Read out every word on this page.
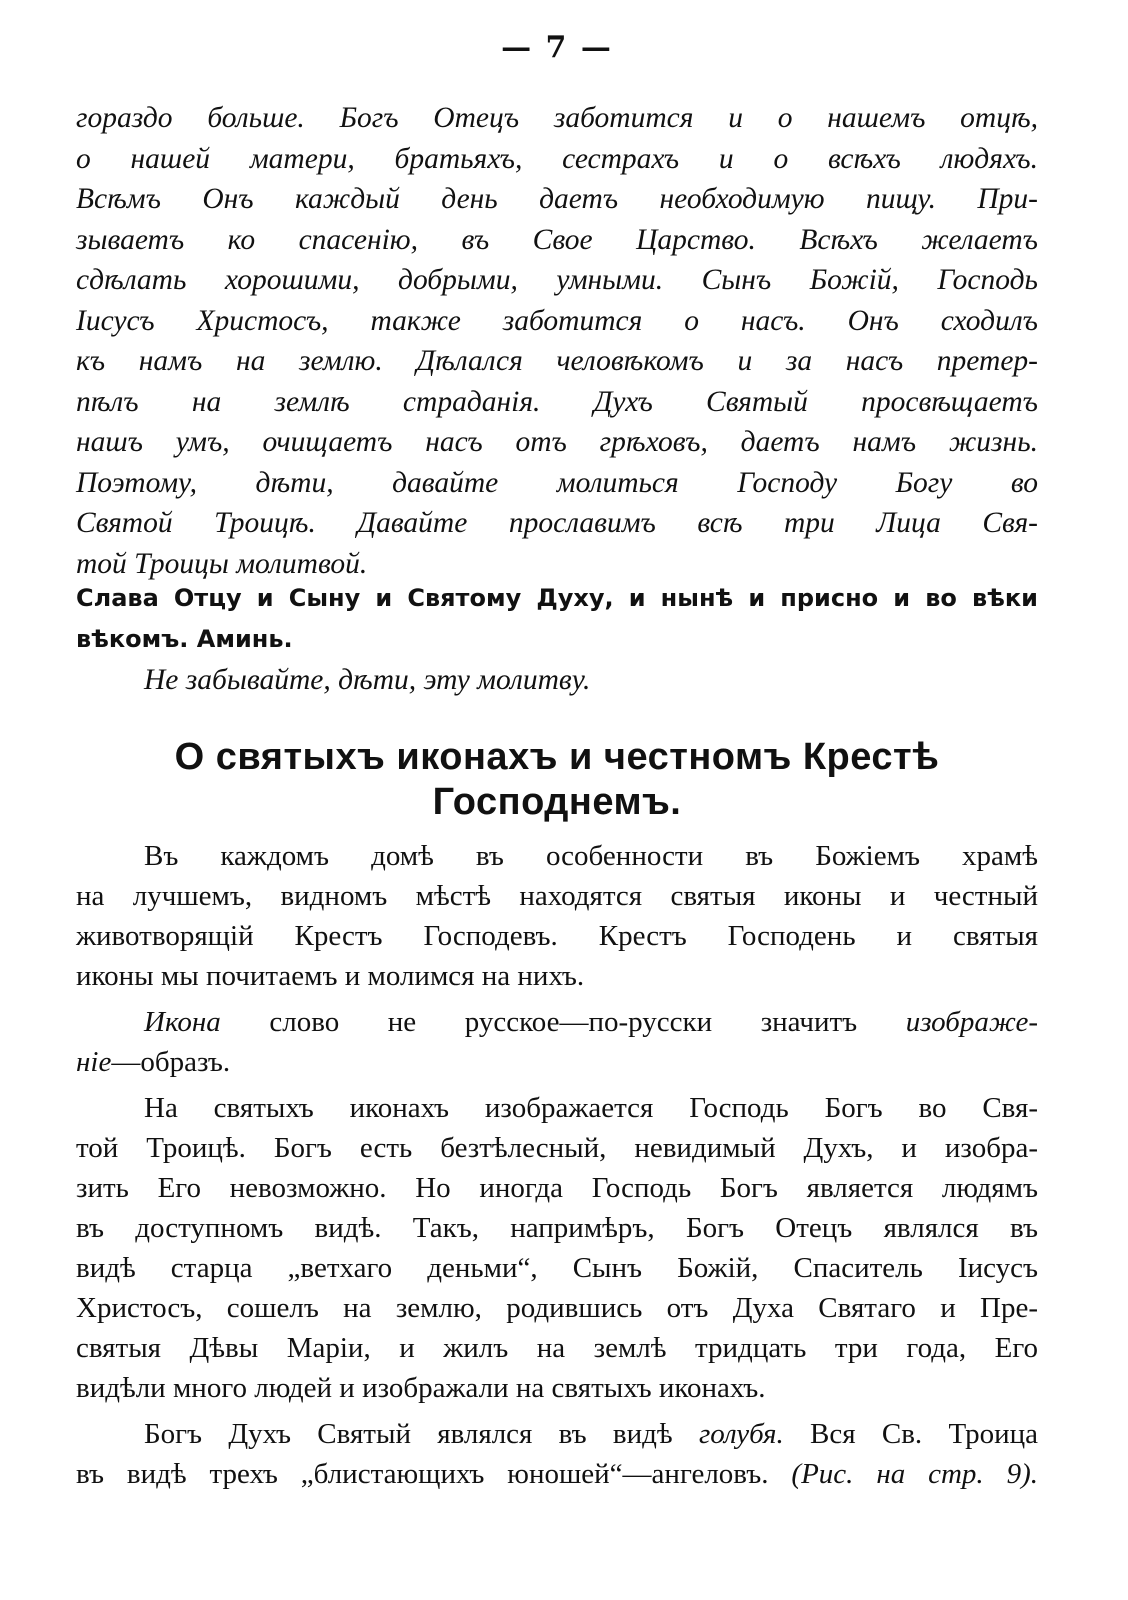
— 7 —
гораздо больше. Богъ Отецъ заботится и о нашемъ отцѣ,
о нашей матери, братьяхъ, сестрахъ и о всѣхъ людяхъ.
Всѣмъ Онъ каждый день даетъ необходимую пищу. При-
зываетъ ко спасенію, въ Свое Царство. Всѣхъ желаетъ
сдѣлать хорошими, добрыми, умными. Сынъ Божій, Господь
Іисусъ Христосъ, также заботится о насъ. Онъ сходилъ
къ намъ на землю. Дѣлался человѣкомъ и за насъ претер-
пѣлъ на землѣ страданія. Духъ Святый просвѣщаетъ
нашъ умъ, очищаетъ насъ отъ грѣховъ, даетъ намъ жизнь.
Поэтому, дѣти, давайте молиться Господу Богу во
Святой Троицѣ. Давайте прославимъ всѣ три Лица Свя-
той Троицы молитвой.
Слава Отцу и Сыну и Святому Духу, и нынѣ и присно и во вѣки
вѣкомъ. Аминь.
Не забывайте, дѣти, эту молитву.
О святыхъ иконахъ и честномъ Крестѣ
Господнемъ.
Въ каждомъ домѣ въ особенности въ Божіемъ храмѣ
на лучшемъ, видномъ мѣстѣ находятся святыя иконы и честный
животворящій Крестъ Господевъ. Крестъ Господень и святыя
иконы мы почитаемъ и молимся на нихъ.
Икона слово не русское—по-русски значитъ изображе-
ніе—образъ.
На святыхъ иконахъ изображается Господь Богъ во Свя-
той Троицѣ. Богъ есть безтѣлесный, невидимый Духъ, и изобра-
зить Его невозможно. Но иногда Господь Богъ является людямъ
въ доступномъ видѣ. Такъ, напримѣръ, Богъ Отецъ являлся въ
видѣ старца „ветхаго деньми“, Сынъ Божій, Спаситель Іисусъ
Христосъ, сошелъ на землю, родившись отъ Духа Святаго и Пре-
святыя Дѣвы Маріи, и жилъ на землѣ тридцать три года, Его
видѣли много людей и изображали на святыхъ иконахъ.
Богъ Духъ Святый являлся въ видѣ голубя. Вся Св. Троица
въ видѣ трехъ „блистающихъ юношей“—ангеловъ. (Рис. на стр. 9).
